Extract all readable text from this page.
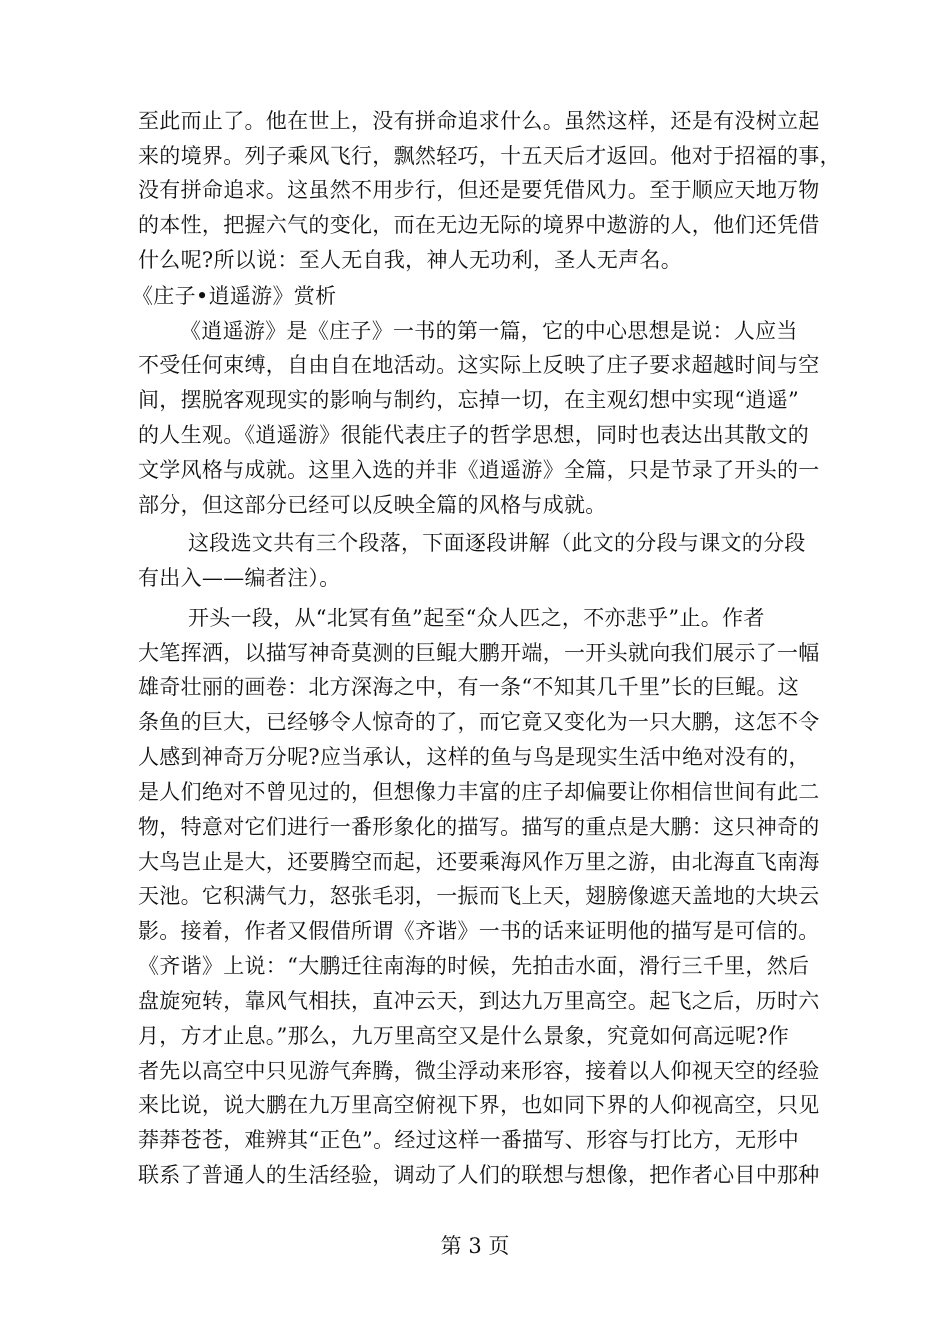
至此而止了。他在世上，没有拼命追求什么。虽然这样，还是有没树立起
来的境界。列子乘风飞行，飘然轻巧，十五天后才返回。他对于招福的事，
没有拼命追求。这虽然不用步行，但还是要凭借风力。至于顺应天地万物
的本性，把握六气的变化，而在无边无际的境界中遨游的人，他们还凭借
什么呢?所以说：至人无自我，神人无功利，圣人无声名。
《庄子•逍遥游》赏析
《逍遥游》是《庄子》一书的第一篇，它的中心思想是说：人应当
不受任何束缚，自由自在地活动。这实际上反映了庄子要求超越时间与空
间，摆脱客观现实的影响与制约，忘掉一切，在主观幻想中实现“逍遥”
的人生观。《逍遥游》很能代表庄子的哲学思想，同时也表达出其散文的
文学风格与成就。这里入选的并非《逍遥游》全篇，只是节录了开头的一
部分，但这部分已经可以反映全篇的风格与成就。
这段选文共有三个段落，下面逐段讲解（此文的分段与课文的分段
有出入——编者注）。
开头一段，从“北冥有鱼”起至“众人匹之，不亦悲乎”止。作者
大笔挥洒，以描写神奇莫测的巨鲲大鹏开端，一开头就向我们展示了一幅
雄奇壮丽的画卷：北方深海之中，有一条“不知其几千里”长的巨鲲。这
条鱼的巨大，已经够令人惊奇的了，而它竟又变化为一只大鹏，这怎不令
人感到神奇万分呢?应当承认，这样的鱼与鸟是现实生活中绝对没有的，
是人们绝对不曾见过的，但想像力丰富的庄子却偏要让你相信世间有此二
物，特意对它们进行一番形象化的描写。描写的重点是大鹏：这只神奇的
大鸟岂止是大，还要腾空而起，还要乘海风作万里之游，由北海直飞南海
天池。它积满气力，怒张毛羽，一振而飞上天，翅膀像遮天盖地的大块云
影。接着，作者又假借所谓《齐谐》一书的话来证明他的描写是可信的。
《齐谐》上说：“大鹏迁往南海的时候，先拍击水面，滑行三千里，然后
盘旋宛转，靠风气相扶，直冲云天，到达九万里高空。起飞之后，历时六
月，方才止息。”那么，九万里高空又是什么景象，究竟如何高远呢?作
者先以高空中只见游气奔腾，微尘浮动来形容，接着以人仰视天空的经验
来比说，说大鹏在九万里高空俯视下界，也如同下界的人仰视高空，只见
莽莽苍苍，难辨其“正色”。经过这样一番描写、形容与打比方，无形中
联系了普通人的生活经验，调动了人们的联想与想像，把作者心目中那种
第 3 页
